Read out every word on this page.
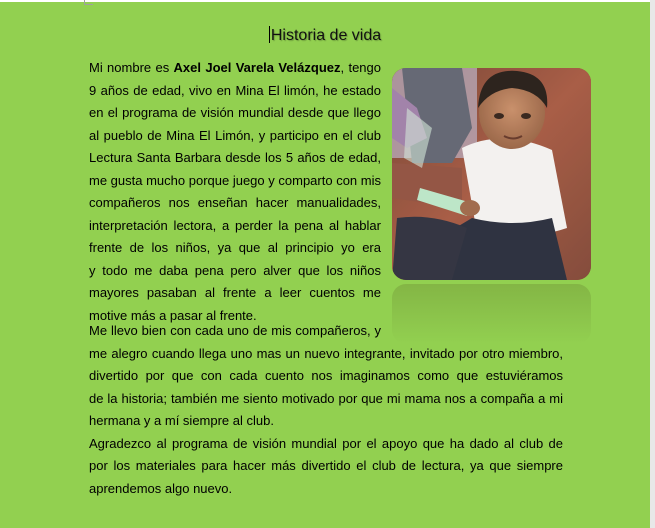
Historia de vida
Mi nombre es Axel Joel Varela Velázquez, tengo
9 años de edad, vivo en Mina El limón, he estado
en el programa de visión mundial desde que llego
al pueblo de Mina El Limón, y participo en el club
Lectura Santa Barbara desde los 5 años de edad,
me gusta mucho porque juego y comparto con mis
compañeros nos enseñan hacer manualidades,
interpretación lectora, a perder la pena al hablar
frente de los niños, ya que al principio yo era
y todo me daba pena pero alver que los niños
mayores pasaban al frente a leer cuentos me
motive más a pasar al frente.
Me llevo bien con cada uno de mis compañeros, y
me alegro cuando llega uno mas un nuevo integrante, invitado por otro miembro,
divertido por que con cada cuento nos imaginamos como que estuviéramos
de la historia; también me siento motivado por que mi mama nos a compaña a mi
hermana y a mí siempre al club.
Agradezco al programa de visión mundial por el apoyo que ha dado al club de
por los materiales para hacer más divertido el club de lectura, ya que siempre
aprendemos algo nuevo.
